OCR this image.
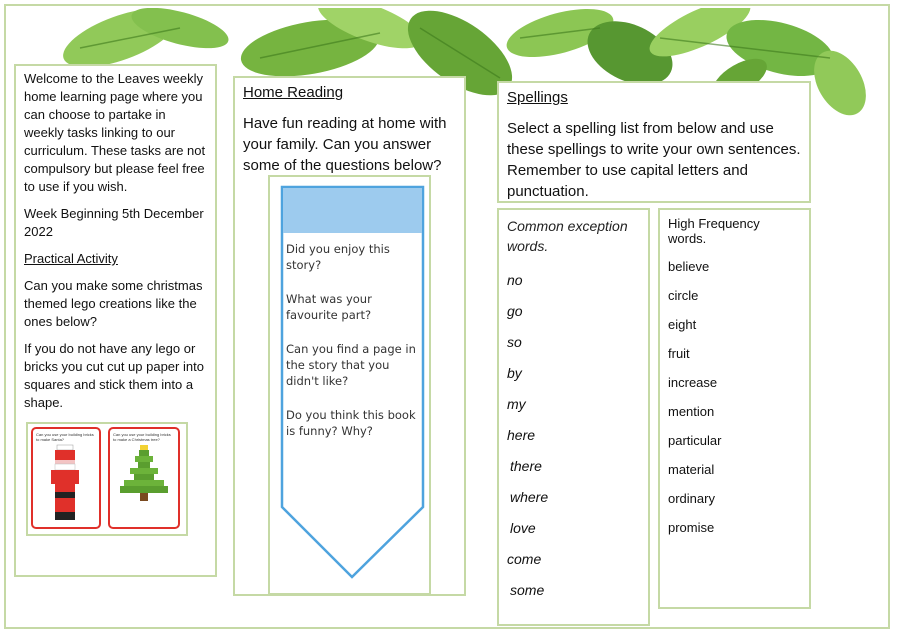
Welcome to the Leaves weekly home learning page where you can choose to partake in weekly tasks linking to our curriculum. These tasks are not compulsory but please feel free to use if you wish.

Week Beginning 5th December 2022

Practical Activity

Can you make some christmas themed lego creations like the ones below?

If you do not have any lego or bricks you cut cut up paper into squares and stick them into a shape.

Can you use your building bricks to make Santa?
Can you use your building bricks to make a Christmas tree?
Home Reading
Have fun reading at home with your family. Can you answer some of the questions below?
Did you enjoy this story?
What was your favourite part?
Can you find a page in the story that you didn't like?
Do you think this book is funny? Why?
Spellings
Select a spelling list from below and use these spellings to write your own sentences. Remember to use capital letters and punctuation.
Common exception words.
no
go
so
by
my
here
there
where
love
come
some
High Frequency words.
believe
circle
eight
fruit
increase
mention
particular
material
ordinary
promise
